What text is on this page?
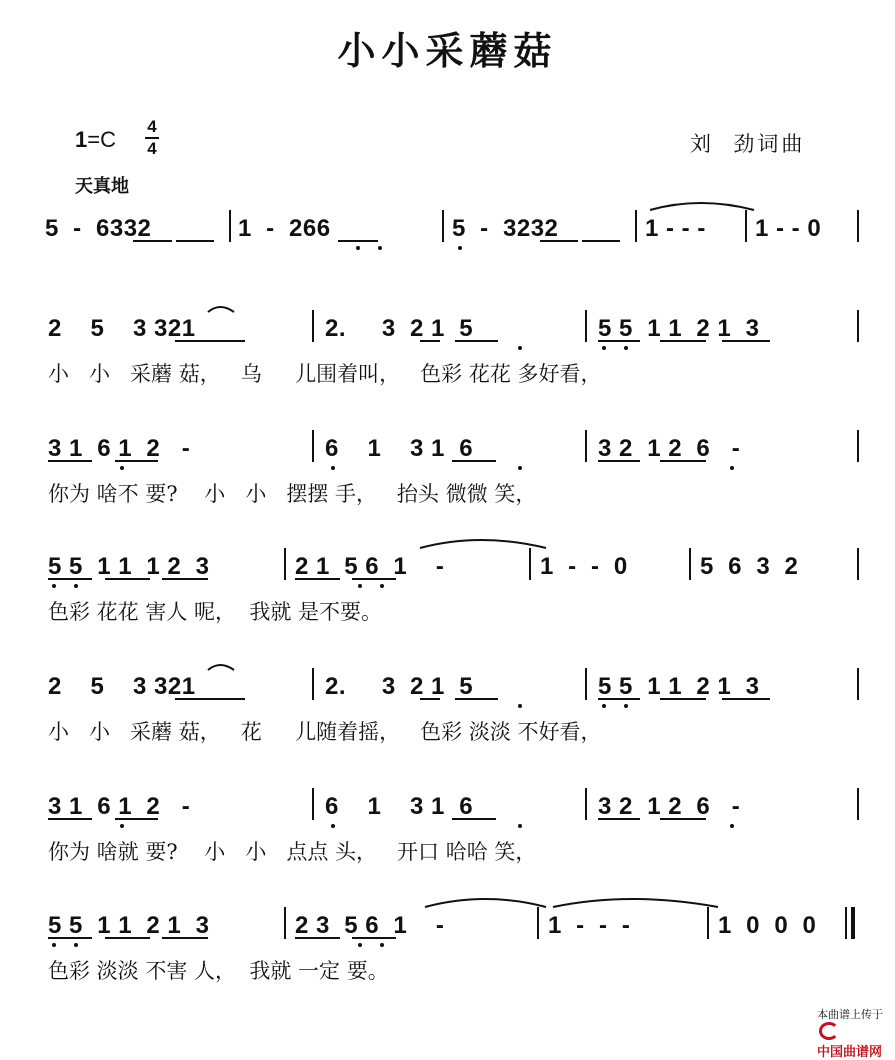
小小采蘑菇
1=C
4
4	刘  劲词曲
天真地
5  -  6332	1  -  266	5  -  3232	1 - - - 1 - - 0
2    5    3 321	2.     3  2 1  5	5 5  1 1  2 1  3
小   小   采蘑 菇，   乌     儿围着叫，   色彩 花花 多好看，
3 1  6 1  2   -	6    1    3 1  6	3 2  1 2  6   -
你为 啥不 要?    小   小   摆摆 手，   抬头 微微 笑，
5 5  1 1  1 2  3	2 1  5 6  1    -	1  -  -  0	5  6  3  2
色彩 花花 害人 呢，  我就 是不要。
2    5    3 321	2.     3  2 1  5	5 5  1 1  2 1  3
小   小   采蘑 菇，   花     儿随着摇，   色彩 淡淡 不好看，
3 1  6 1  2   -	6    1    3 1  6	3 2  1 2  6   -
你为 啥就 要?    小   小   点点 头，   开口 哈哈 笑，
5 5  1 1  2 1  3	2 3  5 6  1    -	1  -  -  -	1  0  0  0
色彩 淡淡 不害 人，  我就 一定 要。

本曲谱上传于

中国曲谱网
